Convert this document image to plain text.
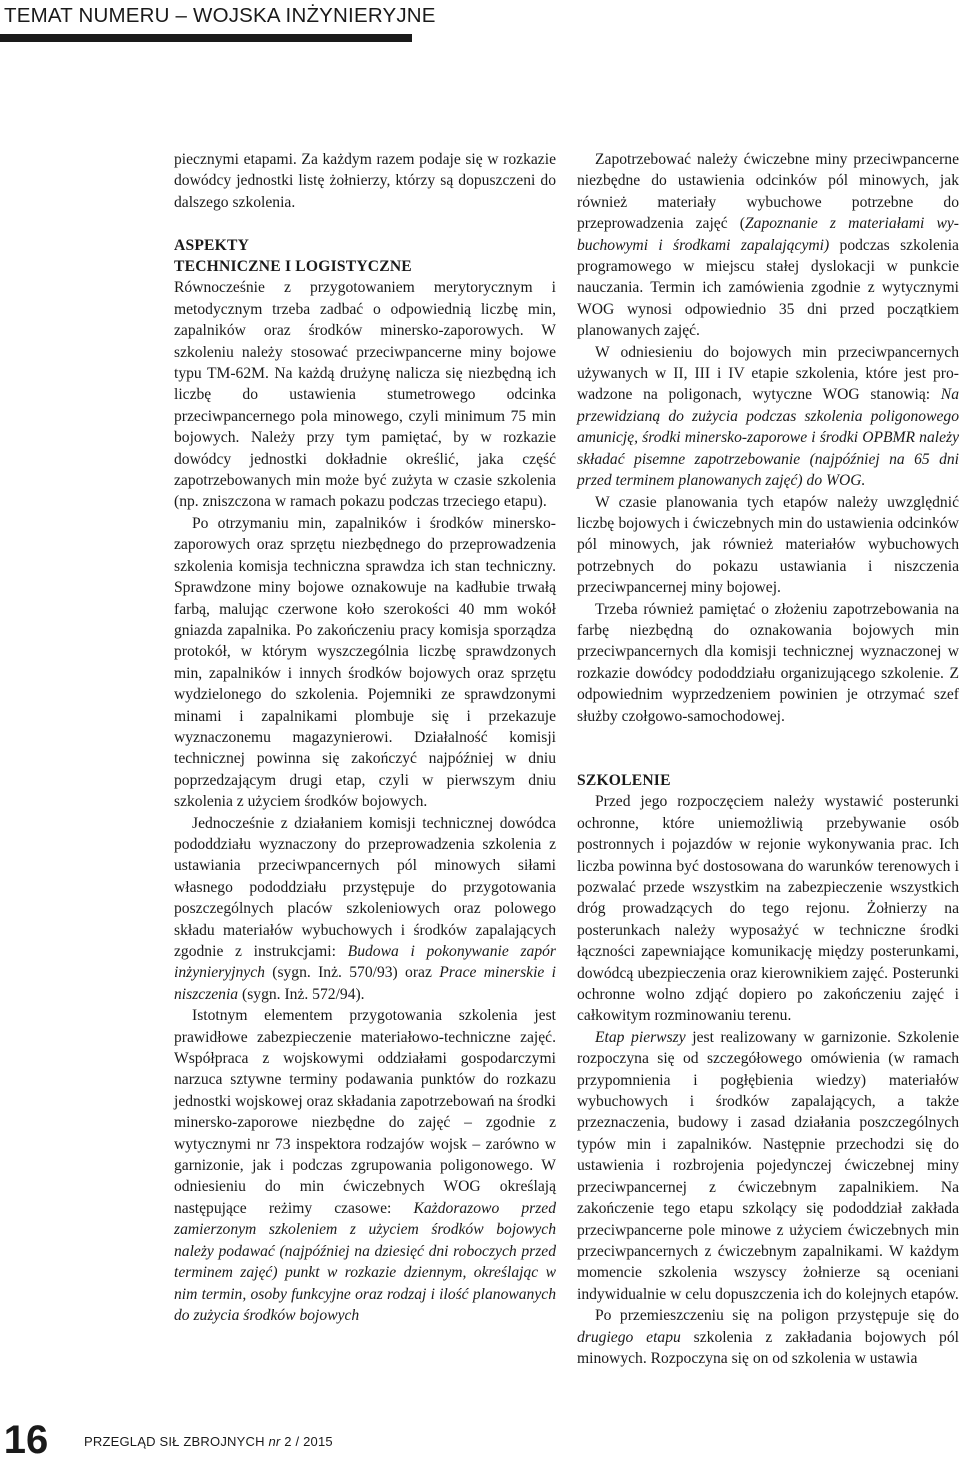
TEMAT NUMERU – WOJSKA INŻYNIERYJNE

piecznymi etapami. Za każdym razem podaje się w rozkazie dowódcy jednostki listę żołnierzy, którzy są dopuszczeni do dalszego szkolenia.

ASPEKTY
TECHNICZNE I LOGISTYCZNE

Równocześnie z przygotowaniem merytorycznym i metodycznym trzeba zadbać o odpowiednią liczbę min, zapalników oraz środków minersko-zaporowych. W szkoleniu należy stosować przeciwpancerne miny bojowe typu TM-62M. Na każdą drużynę nalicza się niezbędną ich liczbę do ustawienia stumetrowego odcinka przeciwpancernego pola minowego, czyli minimum 75 min bojowych. Należy przy tym pamiętać, by w rozkazie dowódcy jednostki dokładnie określić, jaka część zapotrzebowanych min może być zużyta w czasie szkolenia (np. zniszczona w ramach pokazu podczas trzeciego etapu).

Po otrzymaniu min, zapalników i środków minersko-zaporowych oraz sprzętu niezbędnego do przeprowadzenia szkolenia komisja techniczna sprawdza ich stan techniczny. Sprawdzone miny bojowe oznakowuje na kadłubie trwałą farbą, malując czerwone koło szerokości 40 mm wokół gniazda zapalnika. Po zakończeniu pracy komisja sporządza protokół, w którym wyszczególnia liczbę sprawdzonych min, zapalników i innych środków bojowych oraz sprzętu wydzielonego do szkolenia. Pojemniki ze sprawdzonymi minami i zapalnikami plombuje się i przekazuje wyznaczonemu magazynierowi. Działalność komisji technicznej powinna się zakończyć najpóźniej w dniu poprzedzającym drugi etap, czyli w pierwszym dniu szkolenia z użyciem środków bojowych.

Jednocześnie z działaniem komisji technicznej dowódca pododdziału wyznaczony do przeprowadzenia szkolenia z ustawiania przeciwpancernych pól minowych siłami własnego pododdziału przystępuje do przygotowania poszczególnych placów szkoleniowych oraz polowego składu materiałów wybuchowych i środków zapalających zgodnie z instrukcjami: Budowa i pokonywanie zapór inżynieryjnych (sygn. Inż. 570/93) oraz Prace minerskie i niszczenia (sygn. Inż. 572/94).

Istotnym elementem przygotowania szkolenia jest prawidłowe zabezpieczenie materiałowo-techniczne zajęć. Współpraca z wojskowymi oddziałami gospodarczymi narzuca sztywne terminy podawania punktów do rozkazu jednostki wojskowej oraz składania zapotrzebowań na środki minersko-zaporowe niezbędne do zajęć – zgodnie z wytycznymi nr 73 inspektora rodzajów wojsk – zarówno w garnizonie, jak i podczas zgrupowania poligonowego. W odniesieniu do min ćwiczebnych WOG określają następujące reżimy czasowe: Każdorazowo przed zamierzonym szkoleniem z użyciem środków bojowych należy podawać (najpóźniej na dziesięć dni roboczych przed terminem zajęć) punkt w rozkazie dziennym, określając w nim termin, osoby funkcyjne oraz rodzaj i ilość planowanych do zużycia środków bojowych

Zapotrzebować należy ćwiczebne miny przeciwpancerne niezbędne do ustawienia odcinków pól minowych, jak również materiały wybuchowe potrzebne do przeprowadzenia zajęć (Zapoznanie z materiałami wybuchowymi i środkami zapalającymi) podczas szkolenia programowego w miejscu stałej dyslokacji w punkcie nauczania. Termin ich zamówienia zgodnie z wytycznymi WOG wynosi odpowiednio 35 dni przed początkiem planowanych zajęć.

W odniesieniu do bojowych min przeciwpancernych używanych w II, III i IV etapie szkolenia, które jest prowadzone na poligonach, wytyczne WOG stanowią: Na przewidzianą do zużycia podczas szkolenia poligonowego amunicję, środki minersko-zaporowe i środki OPBMR należy składać pisemne zapotrzebowanie (najpóźniej na 65 dni przed terminem planowanych zajęć) do WOG.

W czasie planowania tych etapów należy uwzględnić liczbę bojowych i ćwiczebnych min do ustawienia odcinków pól minowych, jak również materiałów wybuchowych potrzebnych do pokazu ustawiania i niszczenia przeciwpancernej miny bojowej.

Trzeba również pamiętać o złożeniu zapotrzebowania na farbę niezbędną do oznakowania bojowych min przeciwpancernych dla komisji technicznej wyznaczonej w rozkazie dowódcy pododdziału organizującego szkolenie. Z odpowiednim wyprzedzeniem powinien je otrzymać szef służby czołgowo-samochodowej.

SZKOLENIE

Przed jego rozpoczęciem należy wystawić posterunki ochronne, które uniemożliwią przebywanie osób postronnych i pojazdów w rejonie wykonywania prac. Ich liczba powinna być dostosowana do warunków terenowych i pozwalać przede wszystkim na zabezpieczenie wszystkich dróg prowadzących do tego rejonu. Żołnierzy na posterunkach należy wyposażyć w techniczne środki łączności zapewniające komunikację między posterunkami, dowódcą ubezpieczenia oraz kierownikiem zajęć. Posterunki ochronne wolno zdjąć dopiero po zakończeniu zajęć i całkowitym rozminowaniu terenu.

Etap pierwszy jest realizowany w garnizonie. Szkolenie rozpoczyna się od szczegółowego omówienia (w ramach przypomnienia i pogłębienia wiedzy) materiałów wybuchowych i środków zapalających, a także przeznaczenia, budowy i zasad działania poszczególnych typów min i zapalników. Następnie przechodzi się do ustawienia i rozbrojenia pojedynczej ćwiczebnej miny przeciwpancernej z ćwiczebnym zapalnikiem. Na zakończenie tego etapu szkolący się pododdział zakłada przeciwpancerne pole minowe z użyciem ćwiczebnych min przeciwpancernych z ćwiczebnym zapalnikami. W każdym momencie szkolenia wszyscy żołnierze są oceniani indywidualnie w celu dopuszczenia ich do kolejnych etapów.

Po przemieszczeniu się na poligon przystępuje się do drugiego etapu szkolenia z zakładania bojowych pól minowych. Rozpoczyna się on od szkolenia w ustawia

16	PRZEGLĄD SIŁ ZBROJNYCH nr 2 / 2015
